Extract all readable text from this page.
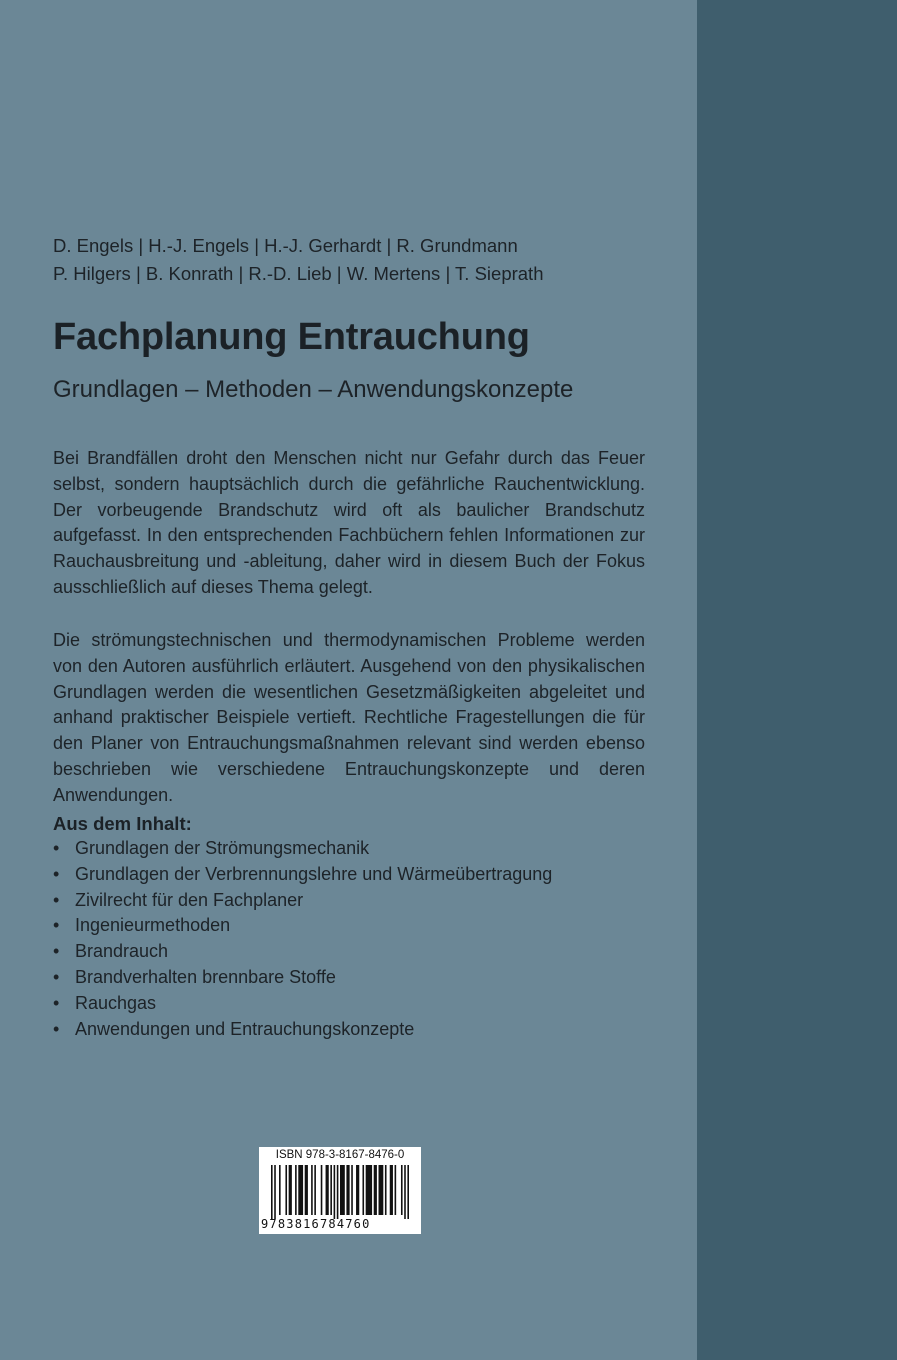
D. Engels | H.-J. Engels | H.-J. Gerhardt | R. Grundmann
P. Hilgers | B. Konrath | R.-D. Lieb | W. Mertens | T. Sieprath
Fachplanung Entrauchung
Grundlagen – Methoden – Anwendungskonzepte

Bei Brandfällen droht den Menschen nicht nur Gefahr durch das Feuer selbst, sondern hauptsächlich durch die gefährliche Rauchentwicklung. Der vorbeugende Brandschutz wird oft als baulicher Brandschutz aufgefasst. In den entsprechenden Fachbüchern fehlen Informationen zur Rauchausbreitung und -ableitung, daher wird in diesem Buch der Fokus ausschließlich auf dieses Thema gelegt.

Die strömungstechnischen und thermodynamischen Probleme werden von den Autoren ausführlich erläutert. Ausgehend von den physikalischen Grundlagen werden die wesentlichen Gesetzmäßigkeiten abgeleitet und anhand praktischer Beispiele vertieft. Rechtliche Fragestellungen die für den Planer von Entrauchungsmaßnahmen relevant sind werden ebenso beschrieben wie verschiedene Entrauchungskonzepte und deren Anwendungen.

Aus dem Inhalt:
• Grundlagen der Strömungsmechanik
• Grundlagen der Verbrennungslehre und Wärmeübertragung
• Zivilrecht für den Fachplaner
• Ingenieurmethoden
• Brandrauch
• Brandverhalten brennbare Stoffe
• Rauchgas
• Anwendungen und Entrauchungskonzepte
ISBN 978-3-8167-8476-0
9783816784760
